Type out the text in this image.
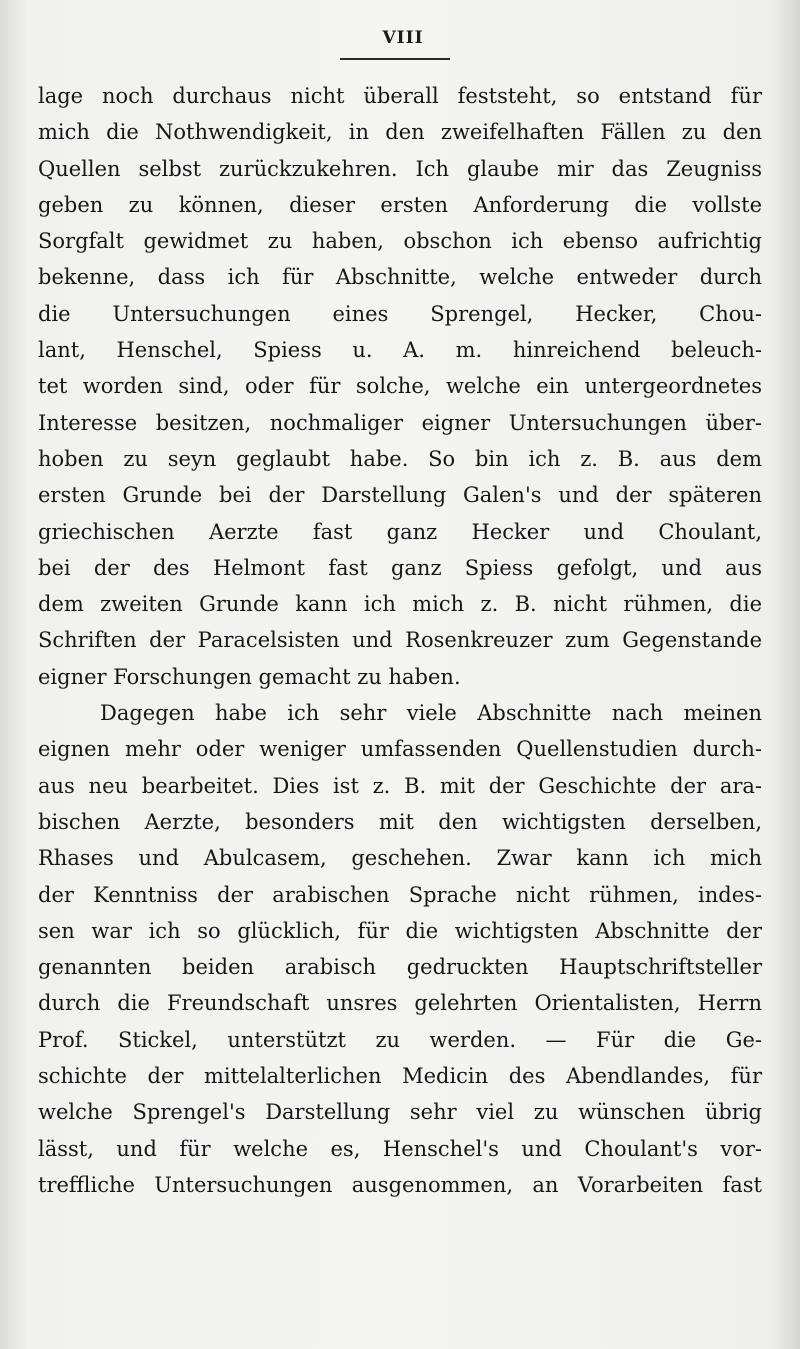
VIII
lage noch durchaus nicht überall feststeht, so entstand für
mich die Nothwendigkeit, in den zweifelhaften Fällen zu den
Quellen selbst zurückzukehren. Ich glaube mir das Zeugniss
geben zu können, dieser ersten Anforderung die vollste
Sorgfalt gewidmet zu haben, obschon ich ebenso aufrichtig
bekenne, dass ich für Abschnitte, welche entweder durch
die Untersuchungen eines Sprengel, Hecker, Chou-
lant, Henschel, Spiess u. A. m. hinreichend beleuch-
tet worden sind, oder für solche, welche ein untergeordnetes
Interesse besitzen, nochmaliger eigner Untersuchungen über-
hoben zu seyn geglaubt habe. So bin ich z. B. aus dem
ersten Grunde bei der Darstellung Galen's und der späteren
griechischen Aerzte fast ganz Hecker und Choulant,
bei der des Helmont fast ganz Spiess gefolgt, und aus
dem zweiten Grunde kann ich mich z. B. nicht rühmen, die
Schriften der Paracelsisten und Rosenkreuzer zum Gegenstande
eigner Forschungen gemacht zu haben.
Dagegen habe ich sehr viele Abschnitte nach meinen
eignen mehr oder weniger umfassenden Quellenstudien durch-
aus neu bearbeitet. Dies ist z. B. mit der Geschichte der ara-
bischen Aerzte, besonders mit den wichtigsten derselben,
Rhases und Abulcasem, geschehen. Zwar kann ich mich
der Kenntniss der arabischen Sprache nicht rühmen, indes-
sen war ich so glücklich, für die wichtigsten Abschnitte der
genannten beiden arabisch gedruckten Hauptschriftsteller
durch die Freundschaft unsres gelehrten Orientalisten, Herrn
Prof. Stickel, unterstützt zu werden. — Für die Ge-
schichte der mittelalterlichen Medicin des Abendlandes, für
welche Sprengel's Darstellung sehr viel zu wünschen übrig
lässt, und für welche es, Henschel's und Choulant's vor-
treffliche Untersuchungen ausgenommen, an Vorarbeiten fast
